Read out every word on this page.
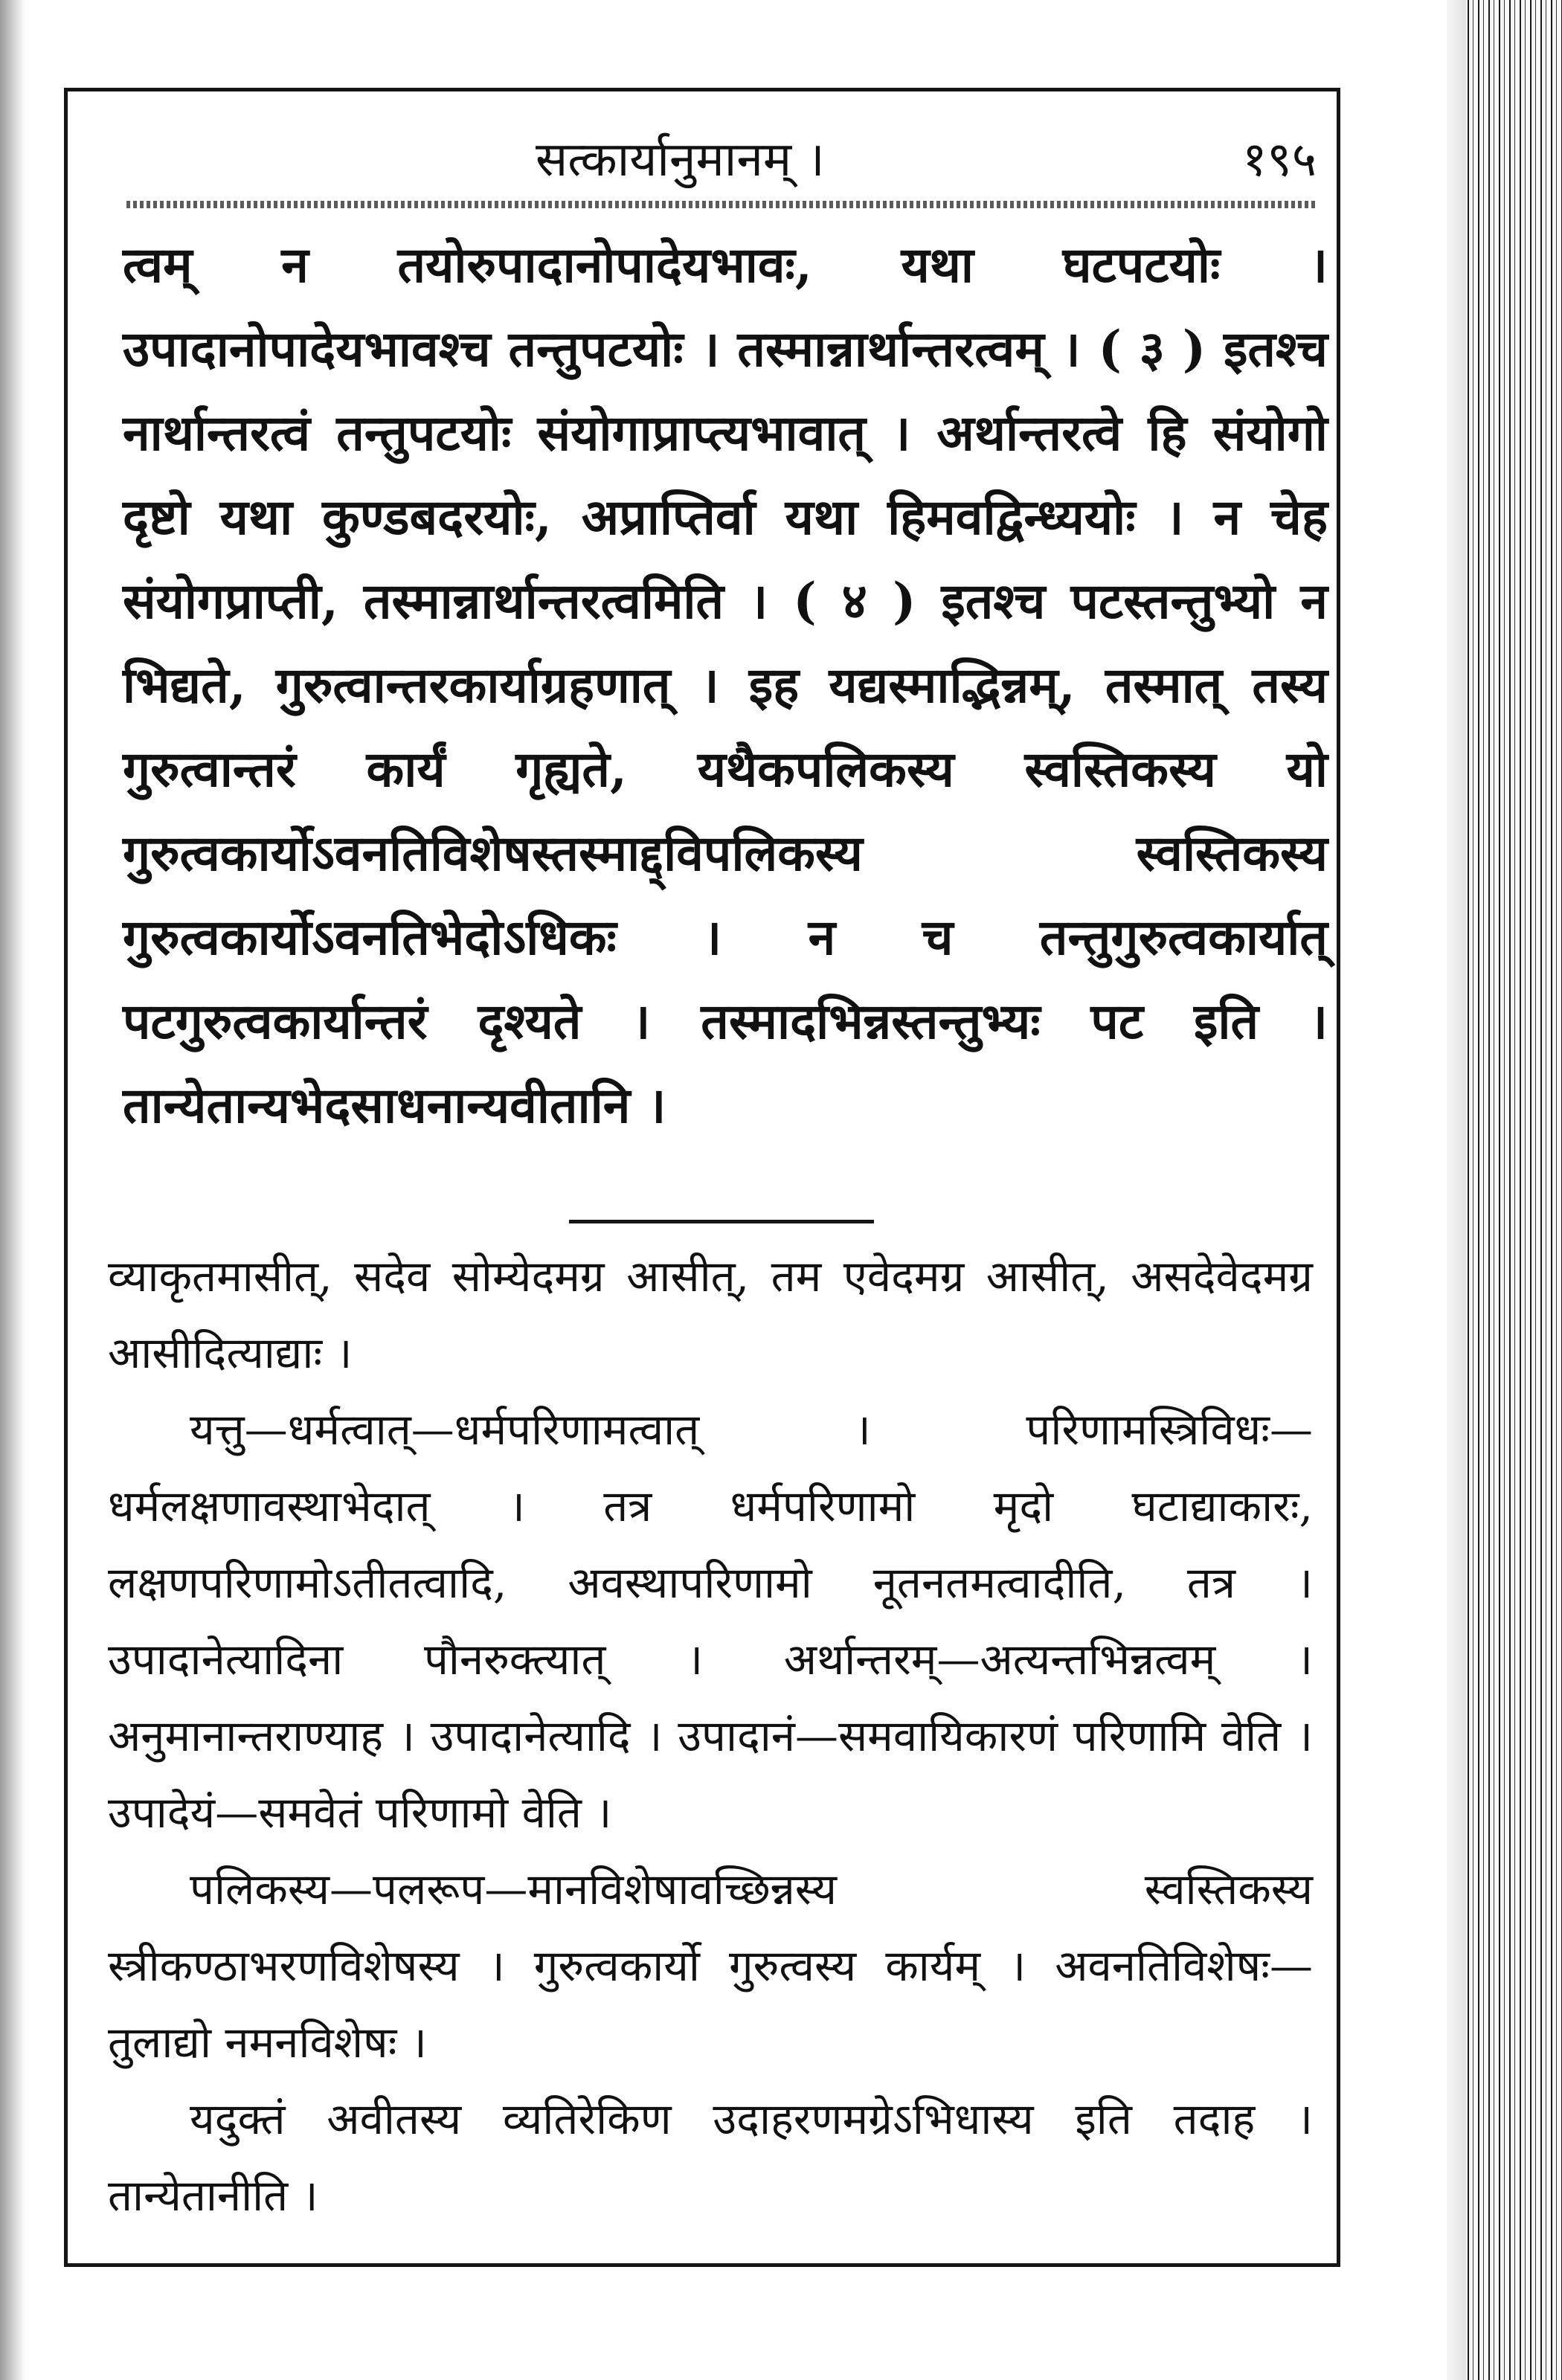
सत्कार्यानुमानम् ।	१९५

त्वम् न तयोरुपादानोपादेयभावः, यथा घटपटयोः । उपादानोपादेयभावश्च तन्तुपटयोः । तस्मान्नार्थान्तरत्वम् । ( ३ ) इतश्च नार्थान्तरत्वं तन्तुपटयोः संयोगाप्राप्त्यभावात् । अर्थान्तरत्वे हि संयोगो दृष्टो यथा कुण्डबदरयोः, अप्राप्तिर्वा यथा हिमवद्विन्ध्ययोः । न चेह संयोगप्राप्ती, तस्मान्नार्थान्तरत्वमिति । ( ४ ) इतश्च पटस्तन्तुभ्यो न भिद्यते, गुरुत्वान्तरकार्याग्रहणात् । इह यद्यस्माद्भिन्नम्, तस्मात् तस्य गुरुत्वान्तरं कार्यं गृह्यते, यथैकपलिकस्य स्वस्तिकस्य यो गुरुत्वकार्योऽवनतिविशेषस्तस्माद्द्विपलिकस्य स्वस्तिकस्य गुरुत्वकार्योऽवनतिभेदोऽधिकः । न च तन्तुगुरुत्वकार्यात् पटगुरुत्वकार्यान्तरं दृश्यते । तस्मादभिन्नस्तन्तुभ्यः पट इति । तान्येतान्यभेदसाधनान्यवीतानि ।

व्याकृतमासीत्, सदेव सोम्येदमग्र आसीत्, तम एवेदमग्र आसीत्, असदेवेदमग्र आसीदित्याद्याः ।

यत्तु—धर्मत्वात्—धर्मपरिणामत्वात् । परिणामस्त्रिविधः—धर्मलक्षणावस्थाभेदात् । तत्र धर्मपरिणामो मृदो घटाद्याकारः, लक्षणपरिणामोऽतीतत्वादि, अवस्थापरिणामो नूतनतमत्वादीति, तत्र । उपादानेत्यादिना पौनरुक्त्यात् । अर्थान्तरम्—अत्यन्तभिन्नत्वम् । अनुमानान्तराण्याह । उपादानेत्यादि । उपादानं—समवायिकारणं परिणामि वेति । उपादेयं—समवेतं परिणामो वेति ।

पलिकस्य—पलरूप—मानविशेषावच्छिन्नस्य स्वस्तिकस्य स्त्रीकण्ठाभरणविशेषस्य । गुरुत्वकार्यो गुरुत्वस्य कार्यम् । अवनतिविशेषः—तुलाद्यो नमनविशेषः ।

यदुक्तं अवीतस्य व्यतिरेकिण उदाहरणमग्रेऽभिधास्य इति तदाह । तान्येतानीति ।
